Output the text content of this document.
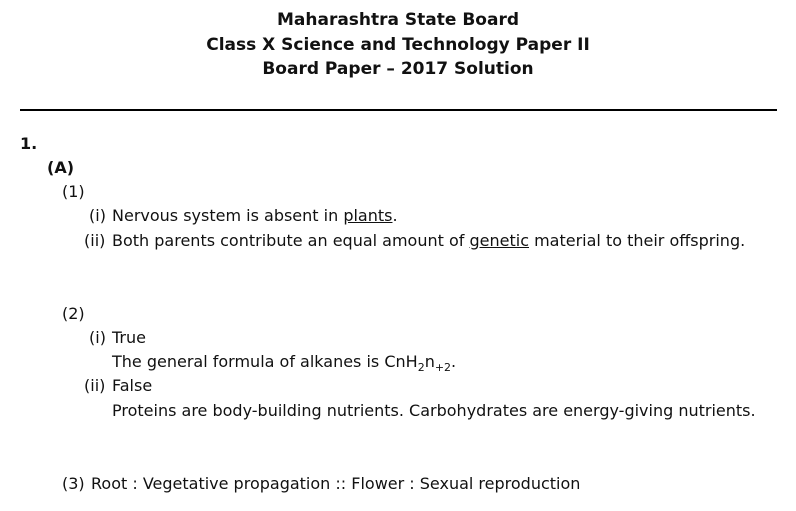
Maharashtra State Board
Class X Science and Technology Paper II
Board Paper – 2017 Solution
1.
(A)
(1)
(i) Nervous system is absent in plants.
(ii) Both parents contribute an equal amount of genetic material to their offspring.
(2)
(i) True
The general formula of alkanes is $CnH_2n_{+2}$.
(ii) False
Proteins are body-building nutrients. Carbohydrates are energy-giving nutrients.
(3) Root : Vegetative propagation :: Flower : Sexual reproduction
